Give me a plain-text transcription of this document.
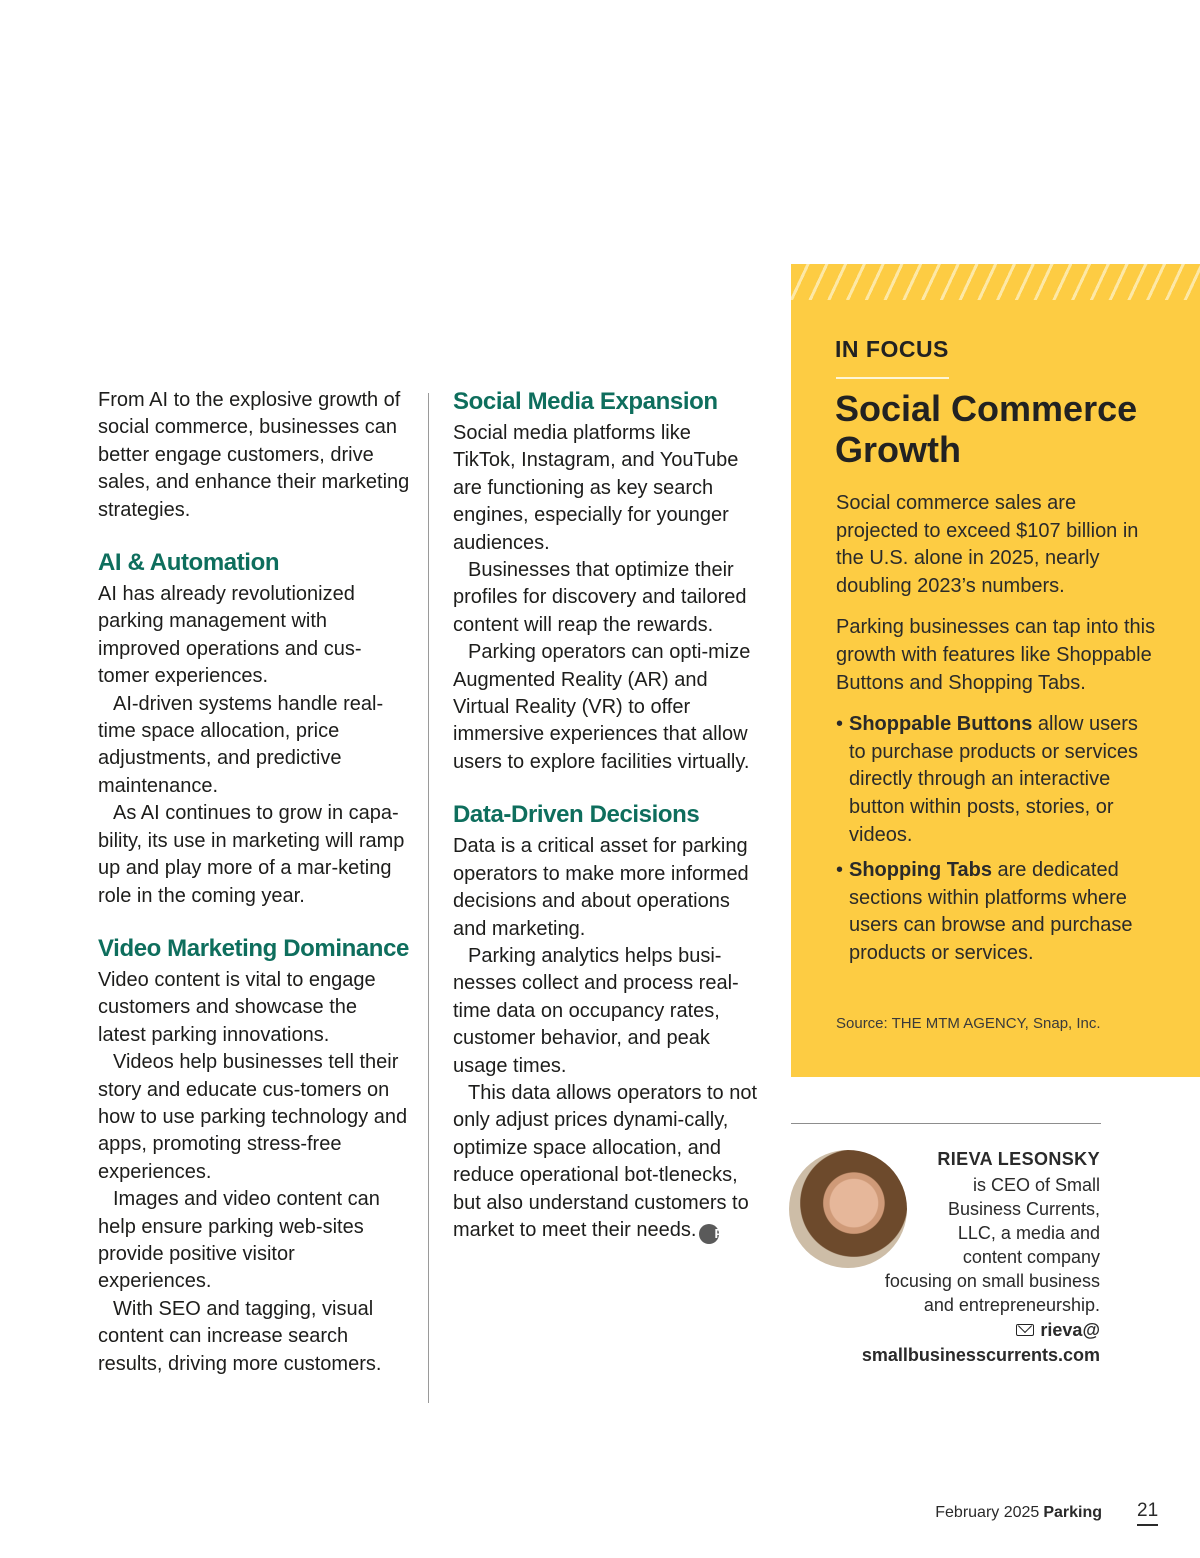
From AI to the explosive growth of social commerce, businesses can better engage customers, drive sales, and enhance their marketing strategies.

AI & Automation

AI has already revolutionized parking management with improved operations and cus-tomer experiences.

AI-driven systems handle real-time space allocation, price adjustments, and predictive maintenance.

As AI continues to grow in capa-bility, its use in marketing will ramp up and play more of a mar-keting role in the coming year.

Video Marketing Dominance

Video content is vital to engage customers and showcase the latest parking innovations.

Videos help businesses tell their story and educate cus-tomers on how to use parking technology and apps, promoting stress-free experiences.

Images and video content can help ensure parking web-sites provide positive visitor experiences.

With SEO and tagging, visual content can increase search results, driving more customers.

Social Media Expansion

Social media platforms like TikTok, Instagram, and YouTube are functioning as key search engines, especially for younger audiences.

Businesses that optimize their profiles for discovery and tailored content will reap the rewards.

Parking operators can opti-mize Augmented Reality (AR) and Virtual Reality (VR) to offer immersive experiences that allow users to explore facilities virtually.

Data-Driven Decisions

Data is a critical asset for parking operators to make more informed decisions and about operations and marketing.

Parking analytics helps busi-nesses collect and process real-time data on occupancy rates, customer behavior, and peak usage times.

This data allows operators to not only adjust prices dynami-cally, optimize space allocation, and reduce operational bot-tlenecks, but also understand customers to market to meet their needs. P

IN FOCUS
Social Commerce Growth

Social commerce sales are projected to exceed $107 billion in the U.S. alone in 2025, nearly doubling 2023’s numbers.

Parking businesses can tap into this growth with features like Shoppable Buttons and Shopping Tabs.

• Shoppable Buttons allow users to purchase products or services directly through an interactive button within posts, stories, or videos.
• Shopping Tabs are dedicated sections within platforms where users can browse and purchase products or services.
Source: THE MTM AGENCY, Snap, Inc.
RIEVA LESONSKY
is CEO of Small
Business Currents,
LLC, a media and
content company
focusing on small business
and entrepreneurship.
rieva@
smallbusinesscurrents.com
February 2025 Parking 21
